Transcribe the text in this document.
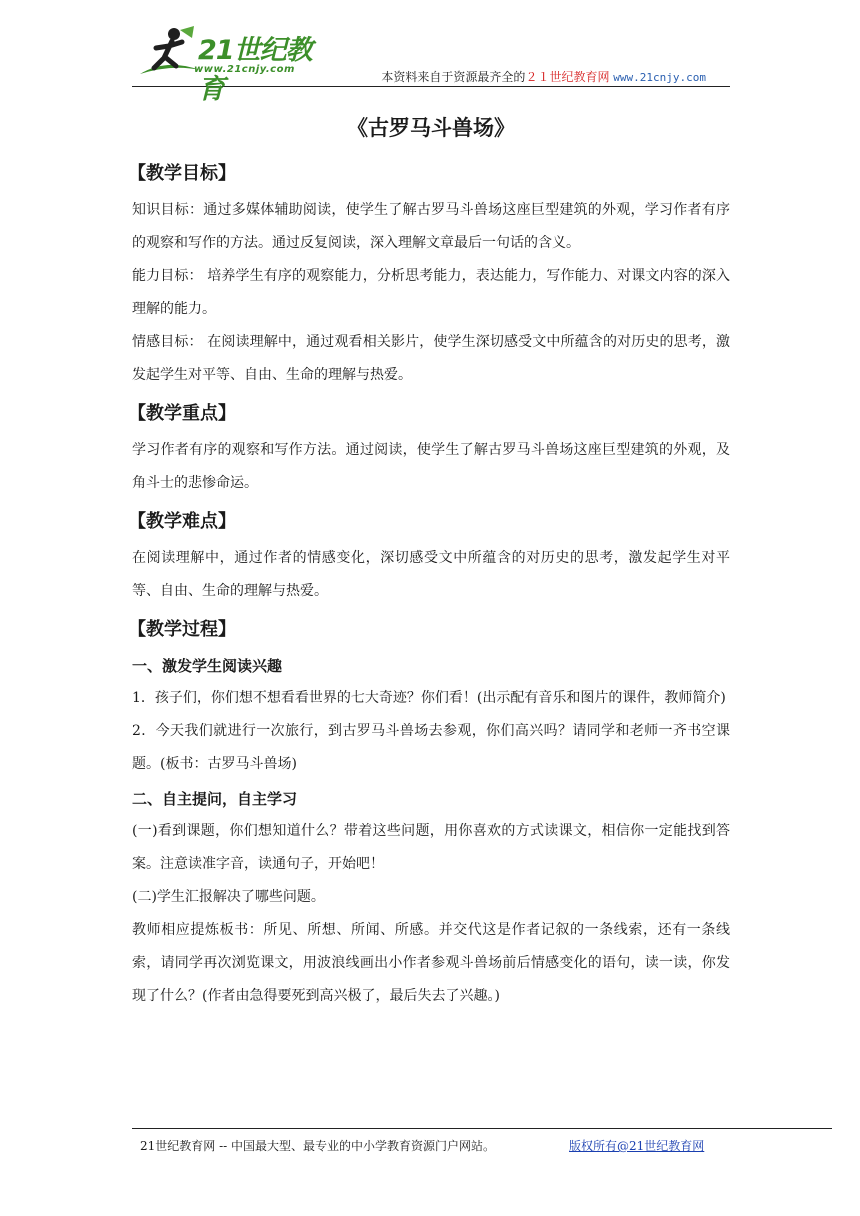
21世纪教育
www.21cnjy.com
本资料来自于资源最齐全的２１世纪教育网 www.21cnjy.com
《古罗马斗兽场》
【教学目标】

知识目标：通过多媒体辅助阅读，使学生了解古罗马斗兽场这座巨型建筑的外观，学习作者有序的观察和写作的方法。通过反复阅读，深入理解文章最后一句话的含义。

能力目标： 培养学生有序的观察能力，分析思考能力，表达能力，写作能力、对课文内容的深入理解的能力。

情感目标： 在阅读理解中，通过观看相关影片，使学生深切感受文中所蕴含的对历史的思考，激发起学生对平等、自由、生命的理解与热爱。

【教学重点】

学习作者有序的观察和写作方法。通过阅读，使学生了解古罗马斗兽场这座巨型建筑的外观，及角斗士的悲惨命运。

【教学难点】

在阅读理解中，通过作者的情感变化，深切感受文中所蕴含的对历史的思考，激发起学生对平等、自由、生命的理解与热爱。

【教学过程】
一、激发学生阅读兴趣

1．孩子们，你们想不想看看世界的七大奇迹？你们看！(出示配有音乐和图片的课件，教师简介)

2．今天我们就进行一次旅行，到古罗马斗兽场去参观，你们高兴吗？请同学和老师一齐书空课题。(板书：古罗马斗兽场)

二、自主提问，自主学习

(一)看到课题，你们想知道什么？带着这些问题，用你喜欢的方式读课文，相信你一定能找到答案。注意读准字音，读通句子，开始吧！

(二)学生汇报解决了哪些问题。

教师相应提炼板书：所见、所想、所闻、所感。并交代这是作者记叙的一条线索，还有一条线索，请同学再次浏览课文，用波浪线画出小作者参观斗兽场前后情感变化的语句，读一读，你发现了什么？(作者由急得要死到高兴极了，最后失去了兴趣。)

21世纪教育网 -- 中国最大型、最专业的中小学教育资源门户网站。	版权所有@21世纪教育网
